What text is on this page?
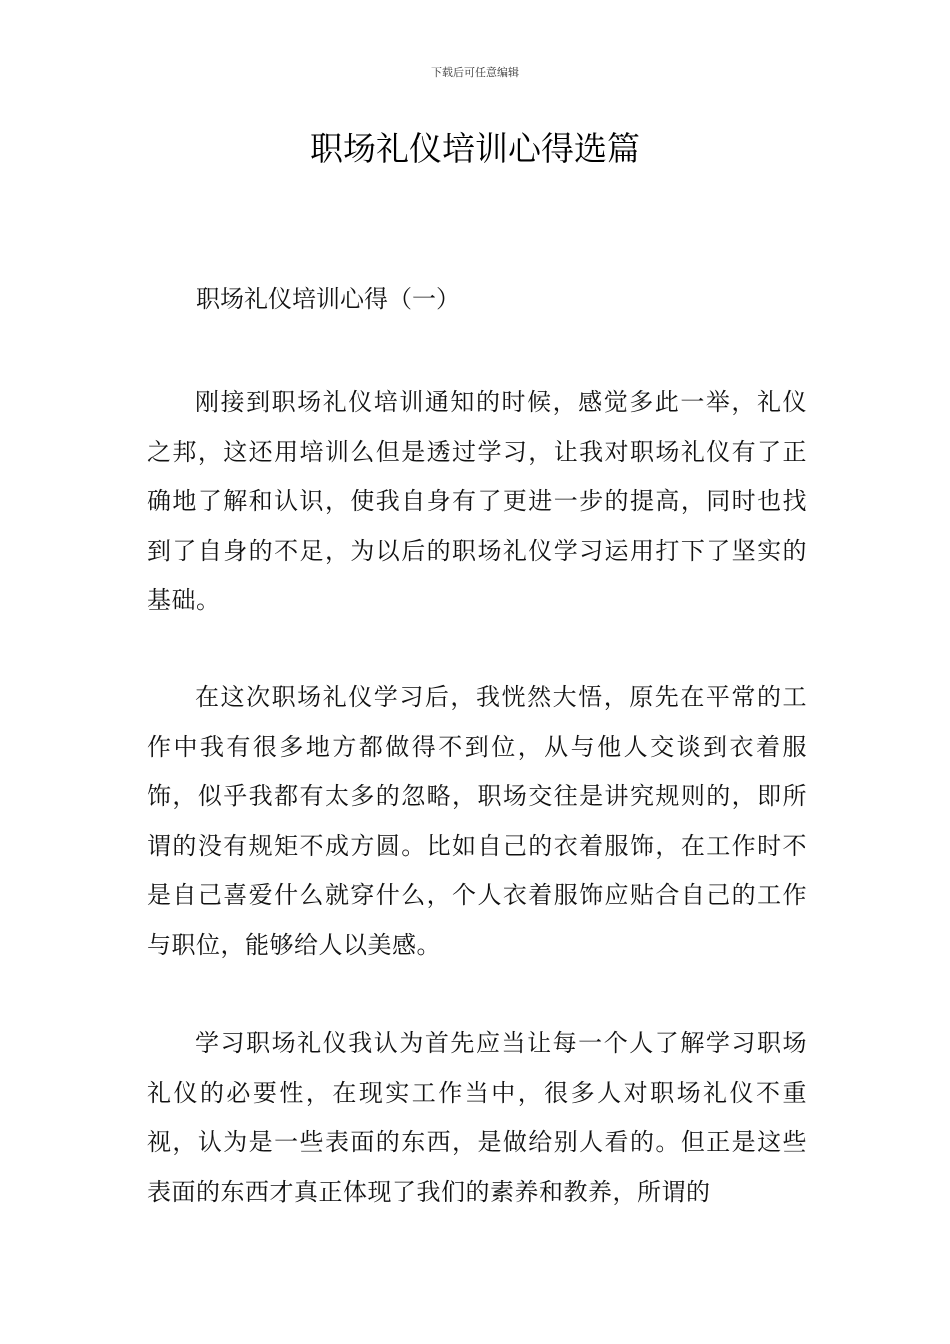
下载后可任意编辑
职场礼仪培训心得选篇
职场礼仪培训心得（一）

刚接到职场礼仪培训通知的时候，感觉多此一举，礼仪之邦，这还用培训么但是透过学习，让我对职场礼仪有了正确地了解和认识，使我自身有了更进一步的提高，同时也找到了自身的不足，为以后的职场礼仪学习运用打下了坚实的基础。

在这次职场礼仪学习后，我恍然大悟，原先在平常的工作中我有很多地方都做得不到位，从与他人交谈到衣着服饰，似乎我都有太多的忽略，职场交往是讲究规则的，即所谓的没有规矩不成方圆。比如自己的衣着服饰，在工作时不是自己喜爱什么就穿什么，个人衣着服饰应贴合自己的工作与职位，能够给人以美感。

学习职场礼仪我认为首先应当让每一个人了解学习职场礼仪的必要性，在现实工作当中，很多人对职场礼仪不重视，认为是一些表面的东西，是做给别人看的。但正是这些表面的东西才真正体现了我们的素养和教养，所谓的
